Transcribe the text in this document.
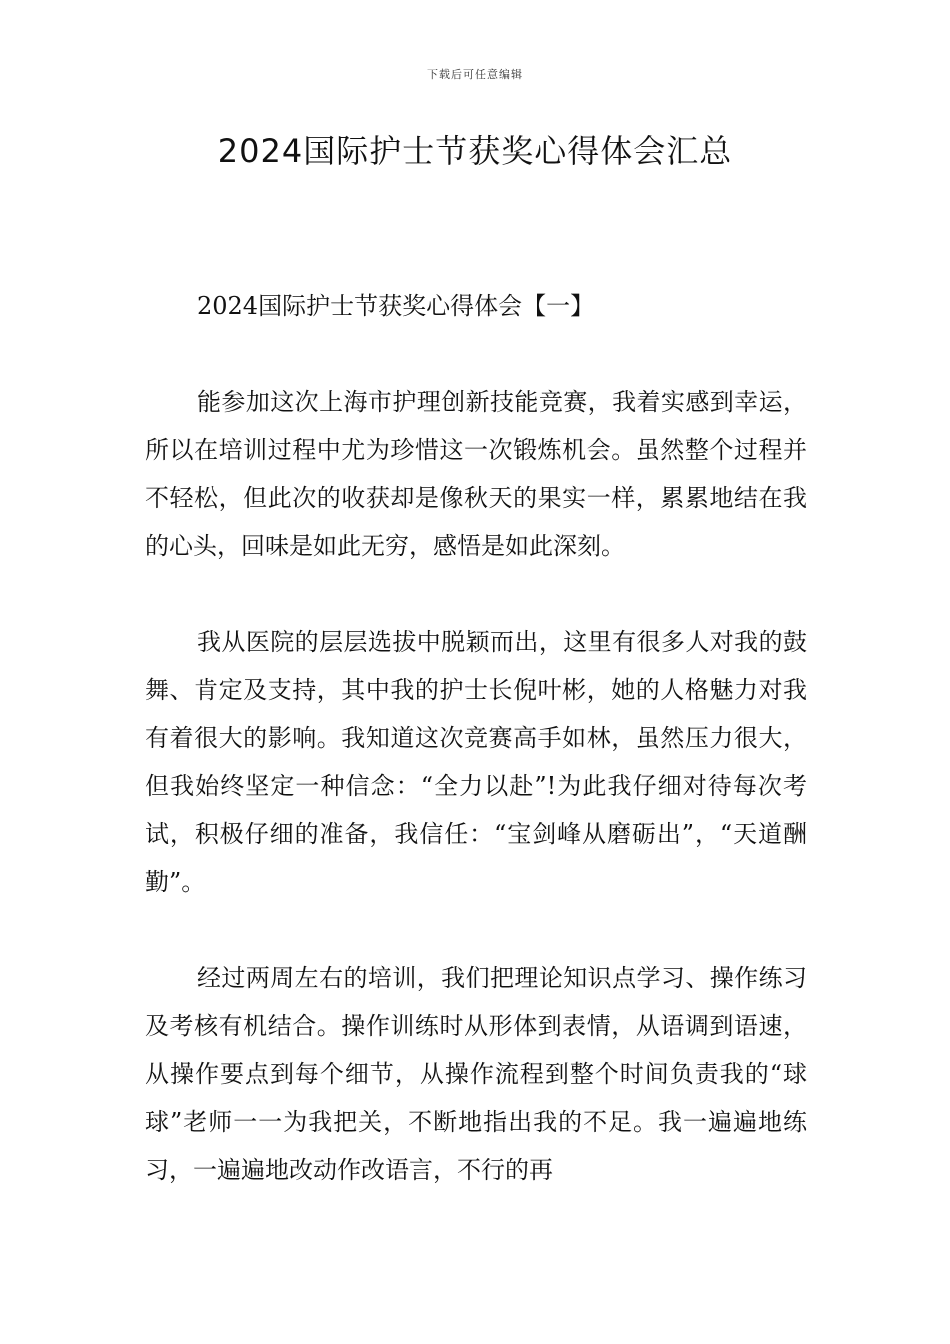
下载后可任意编辑
2024国际护士节获奖心得体会汇总
2024国际护士节获奖心得体会【一】

能参加这次上海市护理创新技能竞赛，我着实感到幸运，所以在培训过程中尤为珍惜这一次锻炼机会。虽然整个过程并不轻松，但此次的收获却是像秋天的果实一样，累累地结在我的心头，回味是如此无穷，感悟是如此深刻。

我从医院的层层选拔中脱颖而出，这里有很多人对我的鼓舞、肯定及支持，其中我的护士长倪叶彬，她的人格魅力对我有着很大的影响。我知道这次竞赛高手如林，虽然压力很大，但我始终坚定一种信念：“全力以赴”!为此我仔细对待每次考试，积极仔细的准备，我信任：“宝剑峰从磨砺出”，“天道酬勤”。

经过两周左右的培训，我们把理论知识点学习、操作练习及考核有机结合。操作训练时从形体到表情，从语调到语速，从操作要点到每个细节，从操作流程到整个时间负责我的“球球”老师一一为我把关，不断地指出我的不足。我一遍遍地练习，一遍遍地改动作改语言，不行的再
